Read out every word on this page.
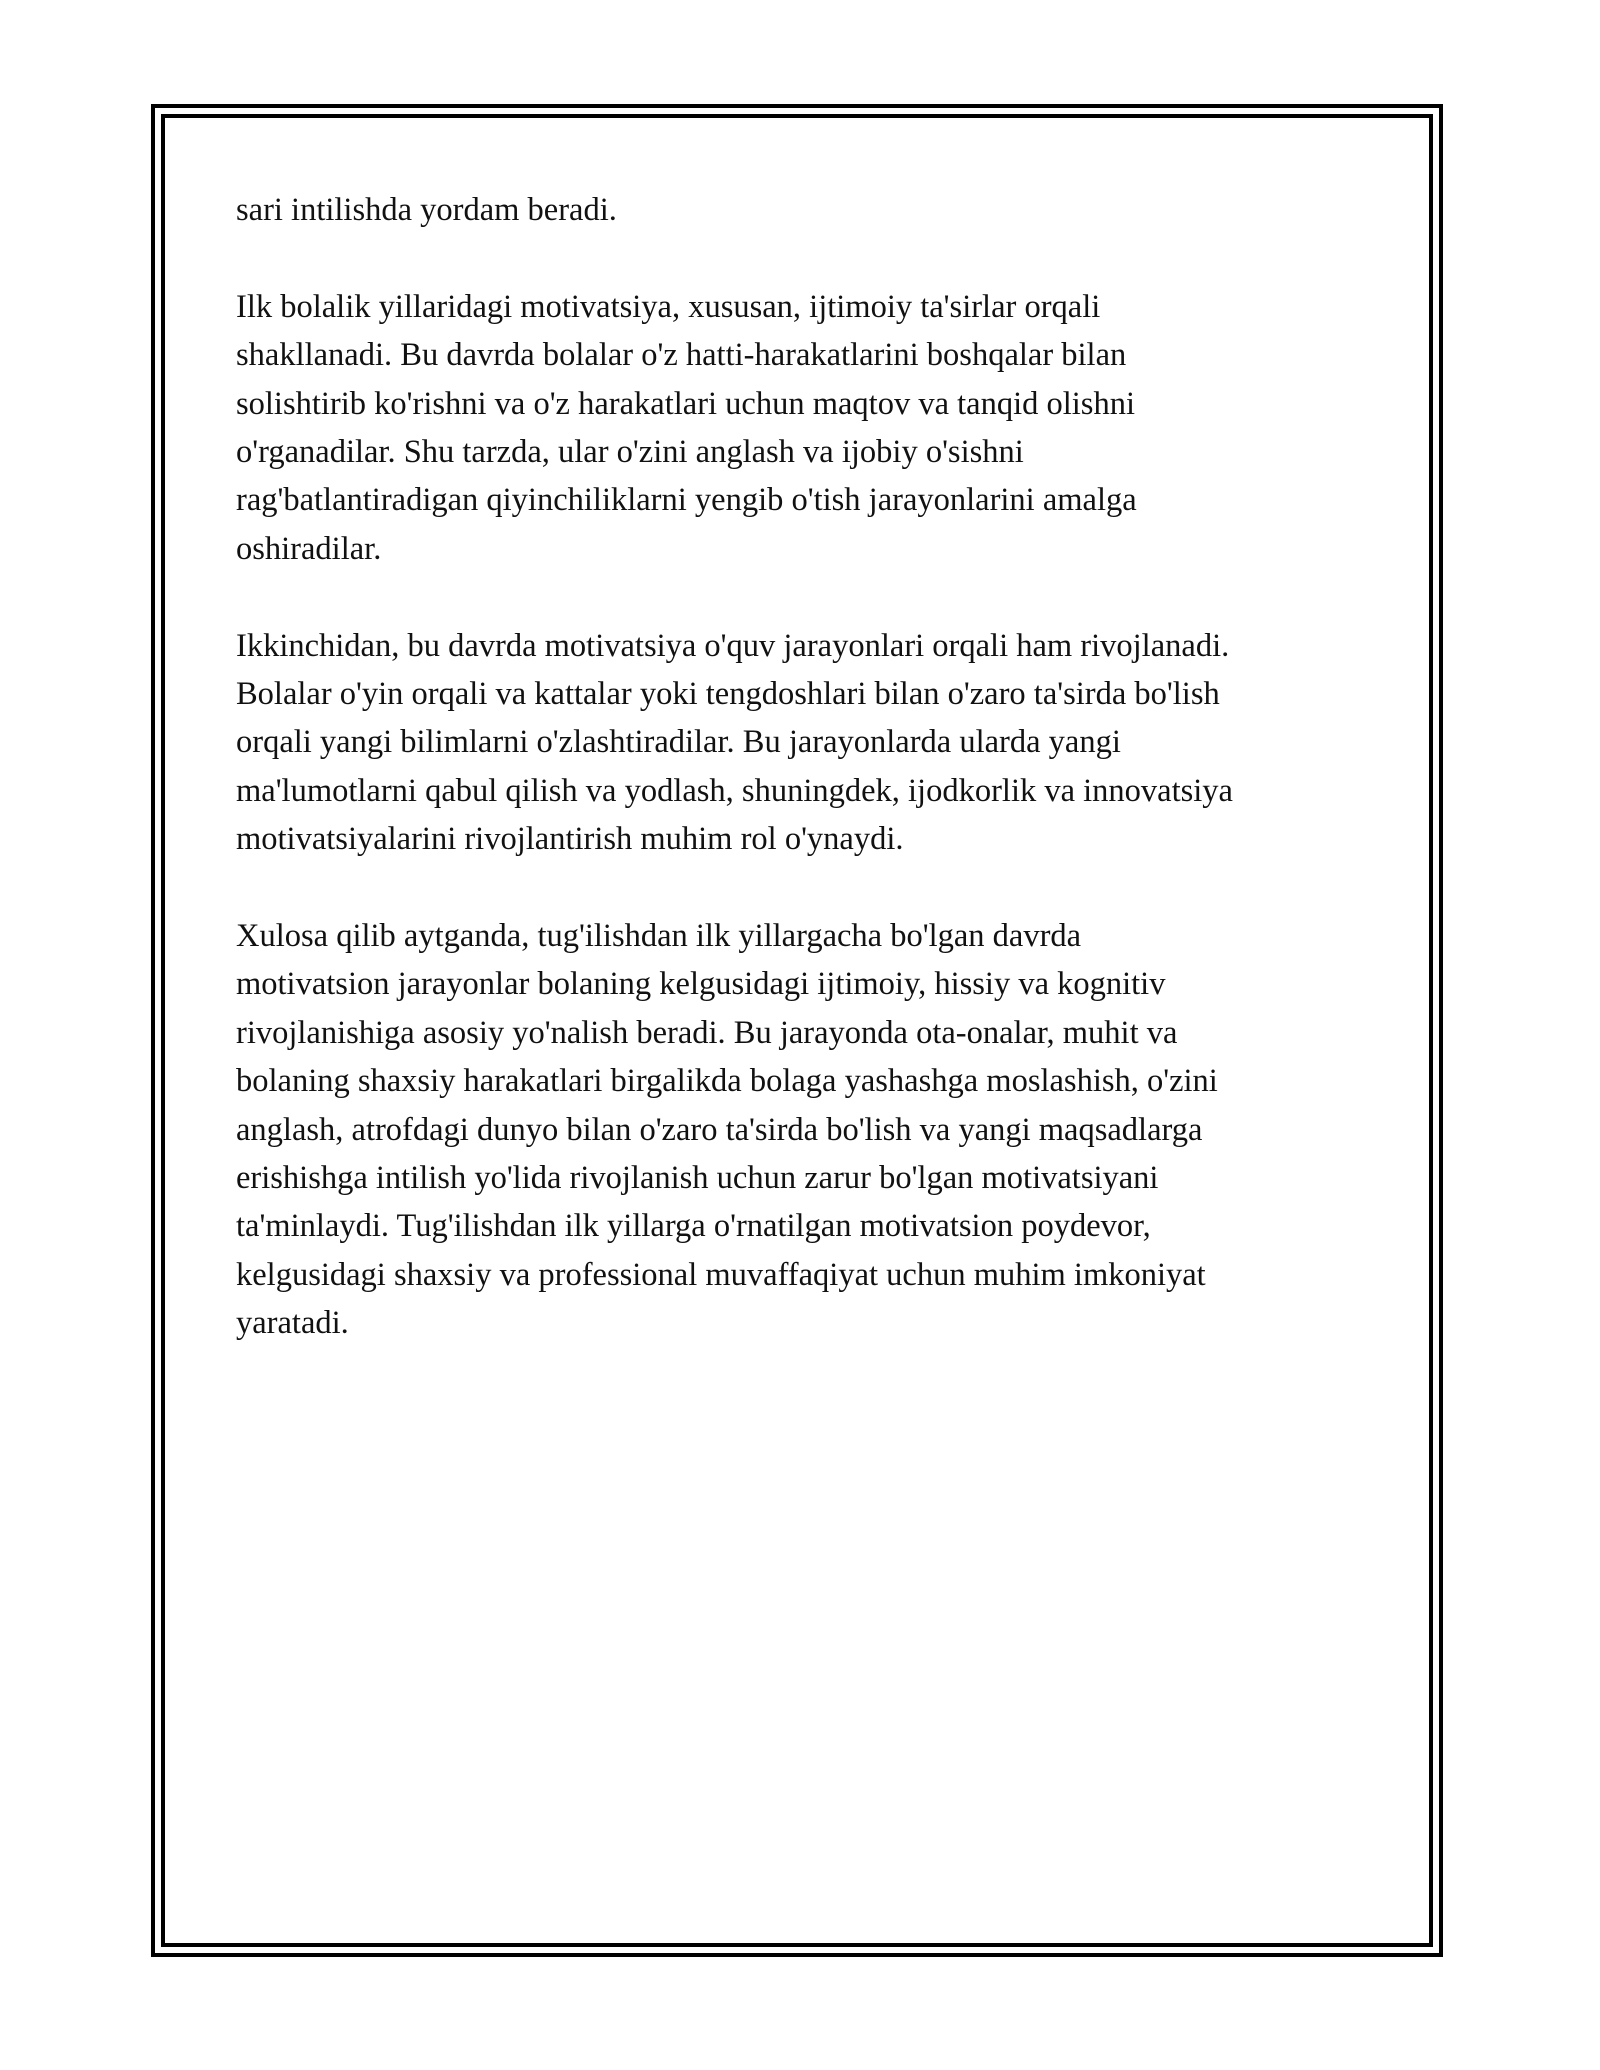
sari intilishda yordam beradi.

Ilk bolalik yillaridagi motivatsiya, xususan, ijtimoiy ta'sirlar orqali
shakllanadi. Bu davrda bolalar o'z hatti-harakatlarini boshqalar bilan
solishtirib ko'rishni va o'z harakatlari uchun maqtov va tanqid olishni
o'rganadilar. Shu tarzda, ular o'zini anglash va ijobiy o'sishni
rag'batlantiradigan qiyinchiliklarni yengib o'tish jarayonlarini amalga
oshiradilar.

Ikkinchidan, bu davrda motivatsiya o'quv jarayonlari orqali ham rivojlanadi.
Bolalar o'yin orqali va kattalar yoki tengdoshlari bilan o'zaro ta'sirda bo'lish
orqali yangi bilimlarni o'zlashtiradilar. Bu jarayonlarda ularda yangi
ma'lumotlarni qabul qilish va yodlash, shuningdek, ijodkorlik va innovatsiya
motivatsiyalarini rivojlantirish muhim rol o'ynaydi.

Xulosa qilib aytganda, tug'ilishdan ilk yillargacha bo'lgan davrda
motivatsion jarayonlar bolaning kelgusidagi ijtimoiy, hissiy va kognitiv
rivojlanishiga asosiy yo'nalish beradi. Bu jarayonda ota-onalar, muhit va
bolaning shaxsiy harakatlari birgalikda bolaga yashashga moslashish, o'zini
anglash, atrofdagi dunyo bilan o'zaro ta'sirda bo'lish va yangi maqsadlarga
erishishga intilish yo'lida rivojlanish uchun zarur bo'lgan motivatsiyani
ta'minlaydi. Tug'ilishdan ilk yillarga o'rnatilgan motivatsion poydevor,
kelgusidagi shaxsiy va professional muvaffaqiyat uchun muhim imkoniyat
yaratadi.
